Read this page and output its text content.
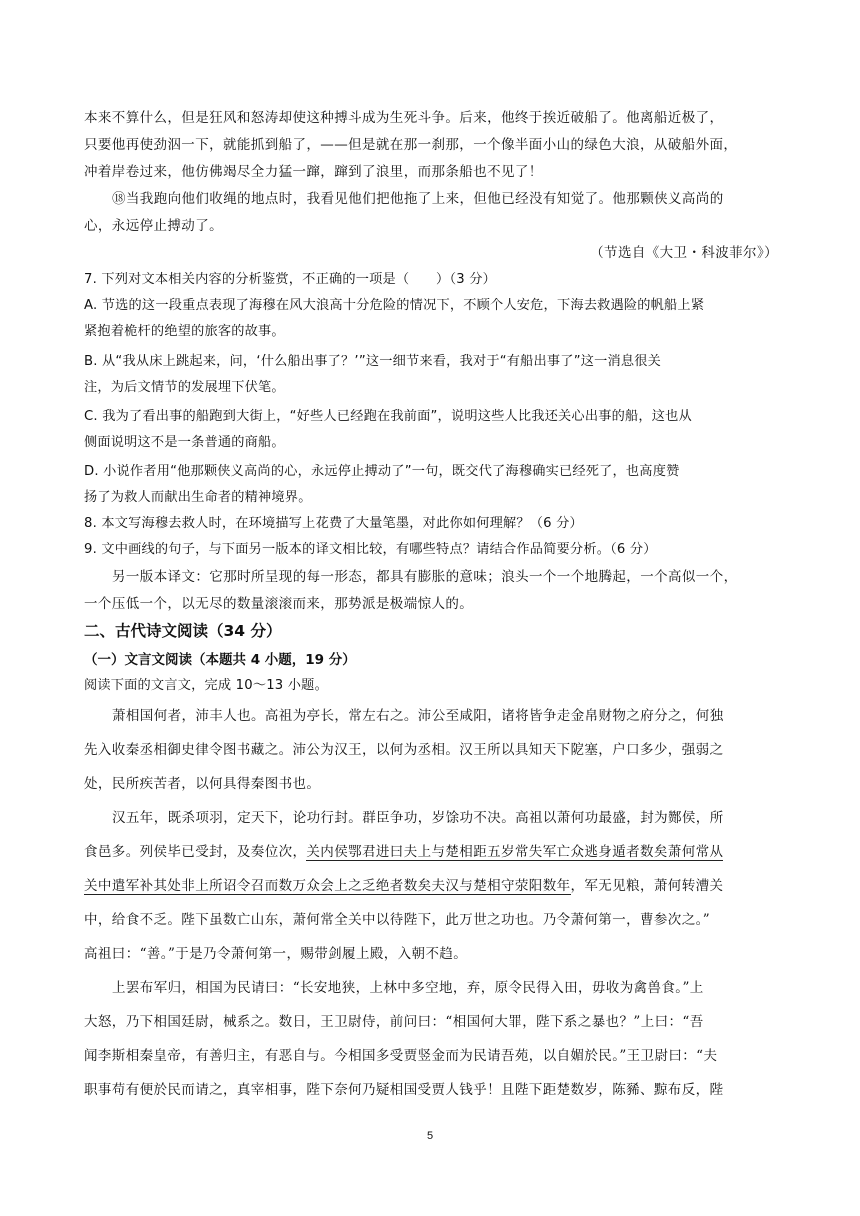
本来不算什么，但是狂风和怒涛却使这种搏斗成为生死斗争。后来，他终于挨近破船了。他离船近极了，
只要他再使劲泅一下，就能抓到船了，——但是就在那一刹那，一个像半面小山的绿色大浪，从破船外面，
冲着岸卷过来，他仿佛竭尽全力猛一蹿，蹿到了浪里，而那条船也不见了！
⑱当我跑向他们收绳的地点时，我看见他们把他拖了上来，但他已经没有知觉了。他那颗侠义高尚的
心，永远停止搏动了。
（节选自《大卫・科波菲尔》）
7. 下列对文本相关内容的分析鉴赏，不正确的一项是（　　）（3 分）
A. 节选的这一段重点表现了海穆在风大浪高十分危险的情况下，不顾个人安危，下海去救遇险的帆船上紧
紧抱着桅杆的绝望的旅客的故事。
B. 从“我从床上跳起来，问，‘什么船出事了？’”这一细节来看，我对于“有船出事了”这一消息很关
注，为后文情节的发展埋下伏笔。
C. 我为了看出事的船跑到大街上，“好些人已经跑在我前面”，说明这些人比我还关心出事的船，这也从
侧面说明这不是一条普通的商船。
D. 小说作者用“他那颗侠义高尚的心，永远停止搏动了”一句，既交代了海穆确实已经死了，也高度赞
扬了为救人而献出生命者的精神境界。
8. 本文写海穆去救人时，在环境描写上花费了大量笔墨，对此你如何理解？（6 分）
9. 文中画线的句子，与下面另一版本的译文相比较，有哪些特点？请结合作品简要分析。（6 分）
另一版本译文：它那时所呈现的每一形态，都具有膨胀的意味；浪头一个一个地腾起，一个高似一个，
一个压低一个，以无尽的数量滚滚而来，那势派是极端惊人的。
二、古代诗文阅读（34 分）
（一）文言文阅读（本题共 4 小题，19 分）
阅读下面的文言文，完成 10～13 小题。
萧相国何者，沛丰人也。高祖为亭长，常左右之。沛公至咸阳，诸将皆争走金帛财物之府分之，何独
先入收秦丞相御史律令图书藏之。沛公为汉王，以何为丞相。汉王所以具知天下阸塞，户口多少，强弱之
处，民所疾苦者，以何具得秦图书也。
汉五年，既杀项羽，定天下，论功行封。群臣争功，岁馀功不决。高祖以萧何功最盛，封为酂侯，所
食邑多。列侯毕已受封，及奏位次，关内侯鄂君进曰夫上与楚相距五岁常失军亡众逃身遁者数矣萧何常从
关中遣军补其处非上所诏令召而数万众会上之乏绝者数矣夫汉与楚相守荥阳数年，军无见粮，萧何转漕关
中，给食不乏。陛下虽数亡山东，萧何常全关中以待陛下，此万世之功也。乃令萧何第一，曹参次之。”
高祖曰：“善。”于是乃令萧何第一，赐带剑履上殿，入朝不趋。
上罢布军归，相国为民请曰：“长安地狭，上林中多空地，弃，原令民得入田，毋收为禽兽食。”上
大怒，乃下相国廷尉，械系之。数日，王卫尉侍，前问曰：“相国何大罪，陛下系之暴也？”上曰：“吾
闻李斯相秦皇帝，有善归主，有恶自与。今相国多受贾竖金而为民请吾苑，以自媚於民。”王卫尉曰：“夫
职事苟有便於民而请之，真宰相事，陛下奈何乃疑相国受贾人钱乎！且陛下距楚数岁，陈豨、黥布反，陛
5
